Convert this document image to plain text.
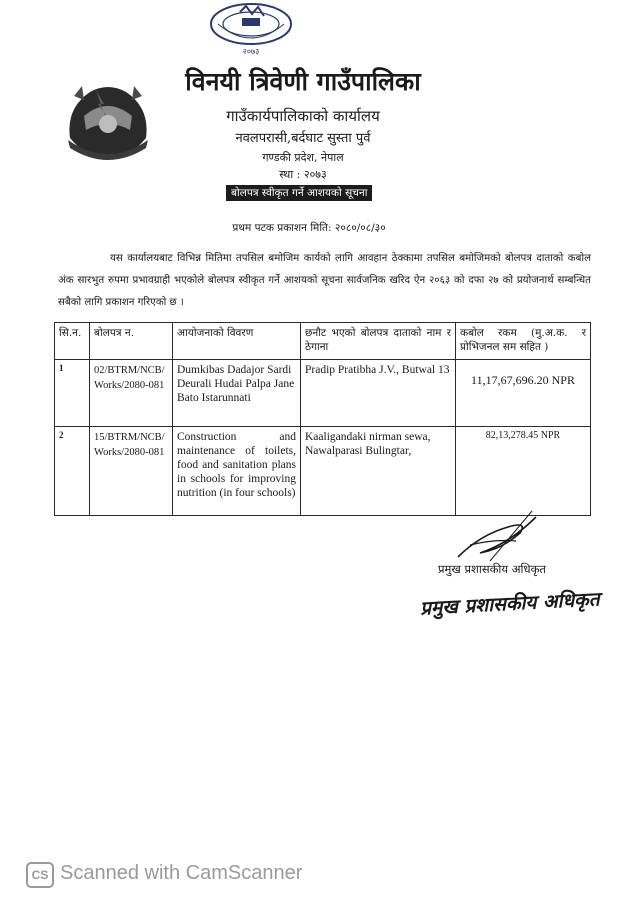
२०७३
विनयी त्रिवेणी गाउँपालिका
गाउँकार्यपालिकाको कार्यालय
नवलपरासी,बर्दघाट सुस्ता पुर्व
गण्डकी प्रदेश, नेपाल
स्था : २०७३
बोलपत्र स्वीकृत गर्ने आशयको सूचना
प्रथम पटक प्रकाशन मिति: २०८०/०८/३०
यस कार्यालयबाट विभिन्न मितिमा तपसिल बमोजिम कार्यको लागि आवहान ठेक्कामा तपसिल बमोजिमको बोलपत्र दाताको कबोल अंक सारभुत रुपमा प्रभावग्राही भएकोले बोलपत्र स्वीकृत गर्ने आशयको सूचना सार्वजनिक खरिद ऐन २०६३ को दफा २७ को प्रयोजनार्थ सम्बन्धित सबैको लागि प्रकाशन गरिएको छ ।
सि.न.	बोलपत्र न.	आयोजनाको विवरण	छनौट भएको बोलपत्र दाताको नाम र ठेगाना	कबोल रकम (मु.अ.क. र प्रोभिजनल सम सहित )
1	02/BTRM/NCB/Works/2080-081	Dumkibas Dadajor Sardi Deurali Hudai Palpa Jane Bato Istarunnati	Pradip Pratibha J.V., Butwal 13	11,17,67,696.20 NPR

2	15/BTRM/NCB/Works/2080-081	Construction and maintenance of toilets, food and sanitation plans in schools for improving nutrition (in four schools)	Kaaligandaki nirman sewa, Nawalparasi Bulingtar,	82,13,278.45 NPR
प्रमुख प्रशासकीय अधिकृत
प्रमुख प्रशासकीय अधिकृत
CS Scanned with CamScanner
